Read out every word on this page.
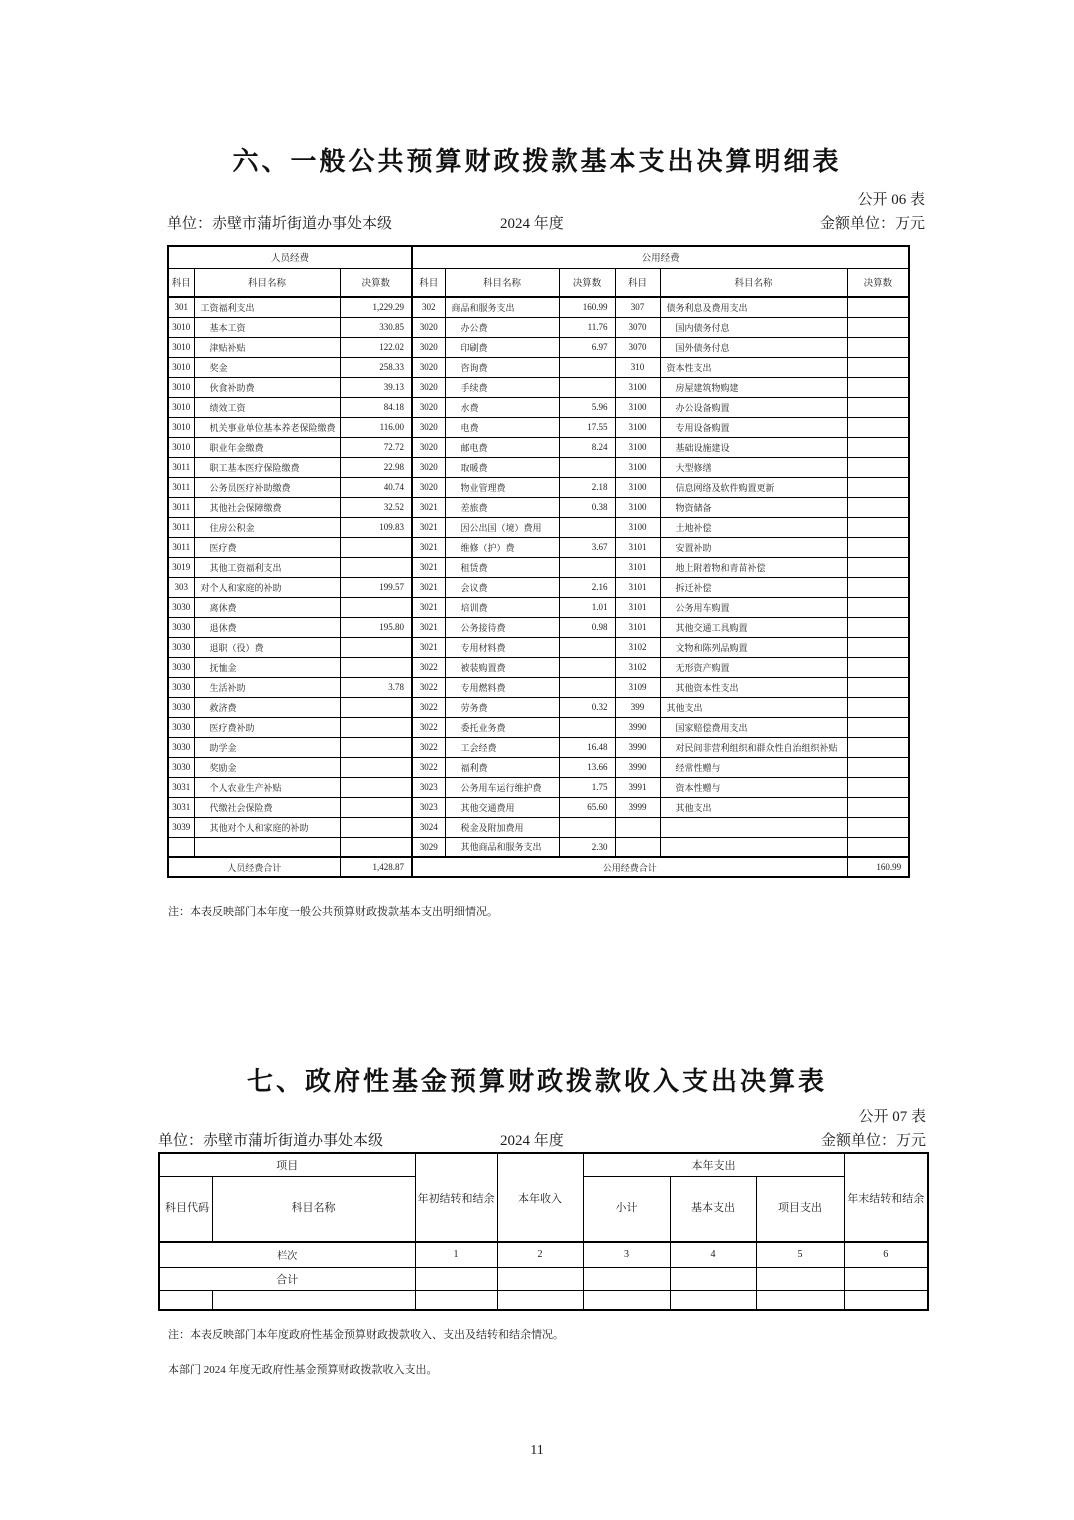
六、一般公共预算财政拨款基本支出决算明细表
公开 06 表
单位：赤壁市蒲圻街道办事处本级	2024 年度	金额单位：万元
人员经费			公用经费					
科目	科目名称	决算数	科目	科目名称	决算数	科目	科目名称	决算数
301	工资福利支出	1,229.29	302	商品和服务支出	160.99	307	债务利息及费用支出	
3010	基本工资	330.85	3020	办公费	11.76	3070	国内债务付息	
3010	津贴补贴	122.02	3020	印刷费	6.97	3070	国外债务付息	
3010	奖金	258.33	3020	咨询费		310	资本性支出	
3010	伙食补助费	39.13	3020	手续费		3100	房屋建筑物购建	
3010	绩效工资	84.18	3020	水费	5.96	3100	办公设备购置	
3010	机关事业单位基本养老保险缴费	116.00	3020	电费	17.55	3100	专用设备购置	
3010	职业年金缴费	72.72	3020	邮电费	8.24	3100	基础设施建设	
3011	职工基本医疗保险缴费	22.98	3020	取暖费		3100	大型修缮	
3011	公务员医疗补助缴费	40.74	3020	物业管理费	2.18	3100	信息网络及软件购置更新	
3011	其他社会保障缴费	32.52	3021	差旅费	0.38	3100	物资储备	
3011	住房公积金	109.83	3021	因公出国（境）费用		3100	土地补偿	
3011	医疗费		3021	维修（护）费	3.67	3101	安置补助	
3019	其他工资福利支出		3021	租赁费		3101	地上附着物和青苗补偿	
303	对个人和家庭的补助	199.57	3021	会议费	2.16	3101	拆迁补偿	
3030	离休费		3021	培训费	1.01	3101	公务用车购置	
3030	退休费	195.80	3021	公务接待费	0.98	3101	其他交通工具购置	
3030	退职（役）费		3021	专用材料费		3102	文物和陈列品购置	
3030	抚恤金		3022	被装购置费		3102	无形资产购置	
3030	生活补助	3.78	3022	专用燃料费		3109	其他资本性支出	
3030	救济费		3022	劳务费	0.32	399	其他支出	
3030	医疗费补助		3022	委托业务费		3990	国家赔偿费用支出	
3030	助学金		3022	工会经费	16.48	3990	对民间非营利组织和群众性自治组织补贴	
3030	奖励金		3022	福利费	13.66	3990	经常性赠与	
3031	个人农业生产补贴		3023	公务用车运行维护费	1.75	3991	资本性赠与	
3031	代缴社会保险费		3023	其他交通费用	65.60	3999	其他支出	
3039	其他对个人和家庭的补助		3024	税金及附加费用				
			3029	其他商品和服务支出	2.30			
人员经费合计		1,428.87	公用经费合计					160.99
注：本表反映部门本年度一般公共预算财政拨款基本支出明细情况。
七、政府性基金预算财政拨款收入支出决算表
公开 07 表
单位：赤壁市蒲圻街道办事处本级	2024 年度	金额单位：万元
项目		年初结转和结余	本年收入	本年支出			年末结转和结余
科目代码	科目名称			小计	基本支出	项目支出	
栏次		1	2	3	4	5	6
合计							

注：本表反映部门本年度政府性基金预算财政拨款收入、支出及结转和结余情况。
本部门 2024 年度无政府性基金预算财政拨款收入支出。
11
